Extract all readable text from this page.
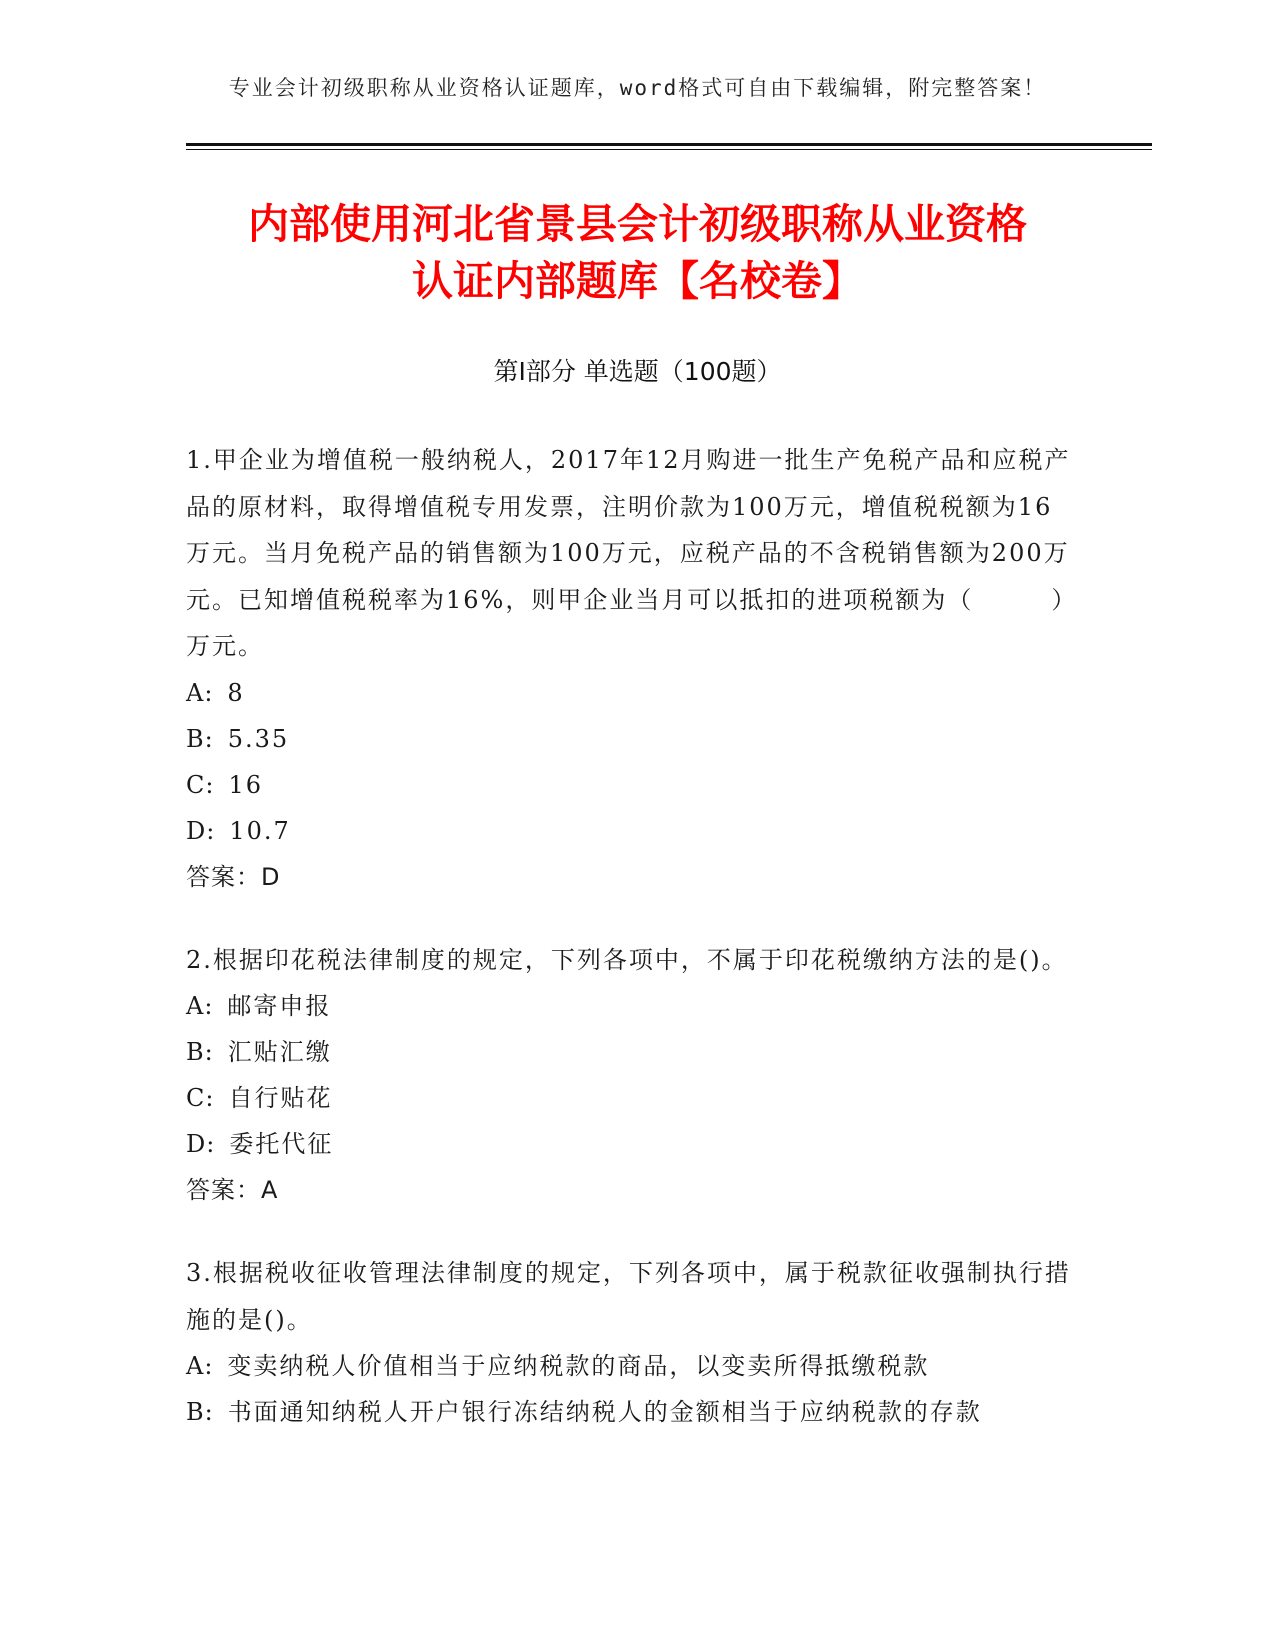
专业会计初级职称从业资格认证题库，word格式可自由下载编辑，附完整答案！
内部使用河北省景县会计初级职称从业资格
认证内部题库【名校卷】
第Ⅰ部分 单选题（100题）

1.甲企业为增值税一般纳税人，2017年12月购进一批生产免税产品和应税产品的原材料，取得增值税专用发票，注明价款为100万元，增值税税额为16万元。当月免税产品的销售额为100万元，应税产品的不含税销售额为200万元。已知增值税税率为16%，则甲企业当月可以抵扣的进项税额为（　　　）万元。

A: 8
B: 5.35
C: 16
D: 10.7
答案：D

2.根据印花税法律制度的规定，下列各项中，不属于印花税缴纳方法的是()。

A: 邮寄申报
B: 汇贴汇缴
C: 自行贴花
D: 委托代征
答案：A

3.根据税收征收管理法律制度的规定，下列各项中，属于税款征收强制执行措施的是()。

A: 变卖纳税人价值相当于应纳税款的商品，以变卖所得抵缴税款
B: 书面通知纳税人开户银行冻结纳税人的金额相当于应纳税款的存款
